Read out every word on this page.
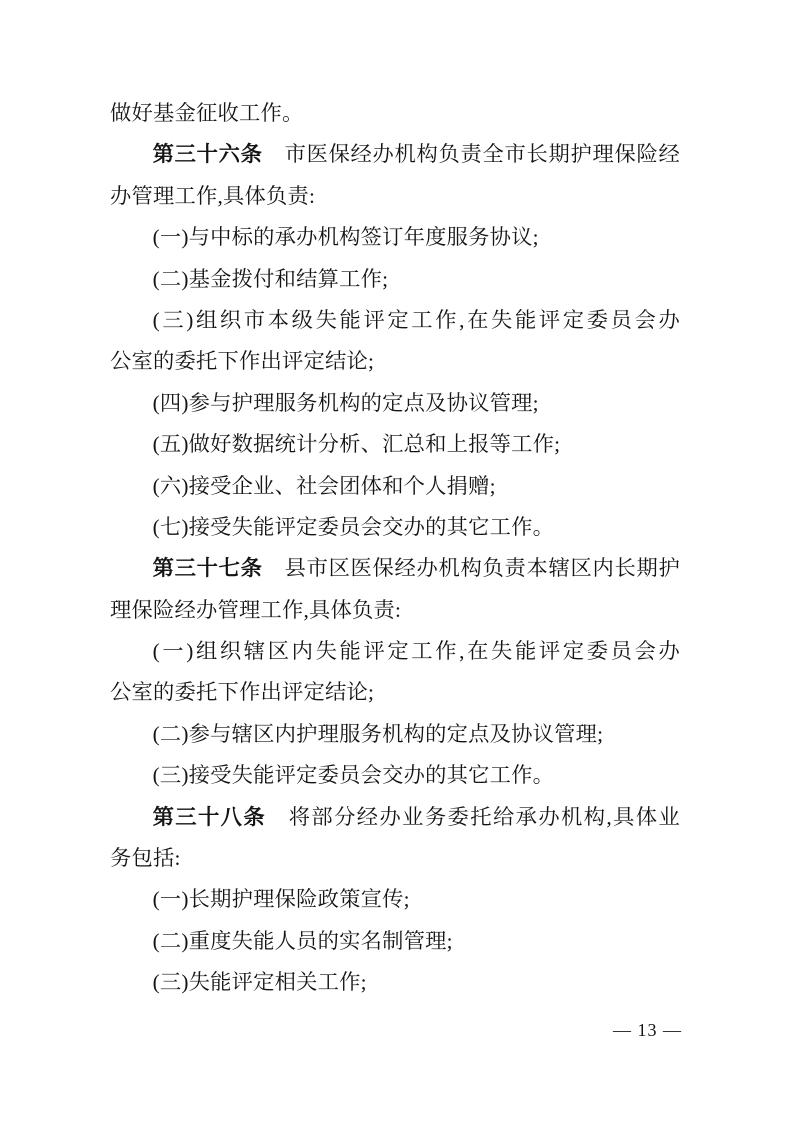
做好基金征收工作。
第三十六条　市医保经办机构负责全市长期护理保险经
办管理工作,具体负责:
(一)与中标的承办机构签订年度服务协议;
(二)基金拨付和结算工作;
(三)组织市本级失能评定工作,在失能评定委员会办
公室的委托下作出评定结论;
(四)参与护理服务机构的定点及协议管理;
(五)做好数据统计分析、汇总和上报等工作;
(六)接受企业、社会团体和个人捐赠;
(七)接受失能评定委员会交办的其它工作。
第三十七条　县市区医保经办机构负责本辖区内长期护
理保险经办管理工作,具体负责:
(一)组织辖区内失能评定工作,在失能评定委员会办
公室的委托下作出评定结论;
(二)参与辖区内护理服务机构的定点及协议管理;
(三)接受失能评定委员会交办的其它工作。
第三十八条　将部分经办业务委托给承办机构,具体业
务包括:
(一)长期护理保险政策宣传;
(二)重度失能人员的实名制管理;
(三)失能评定相关工作;
— 13 —
